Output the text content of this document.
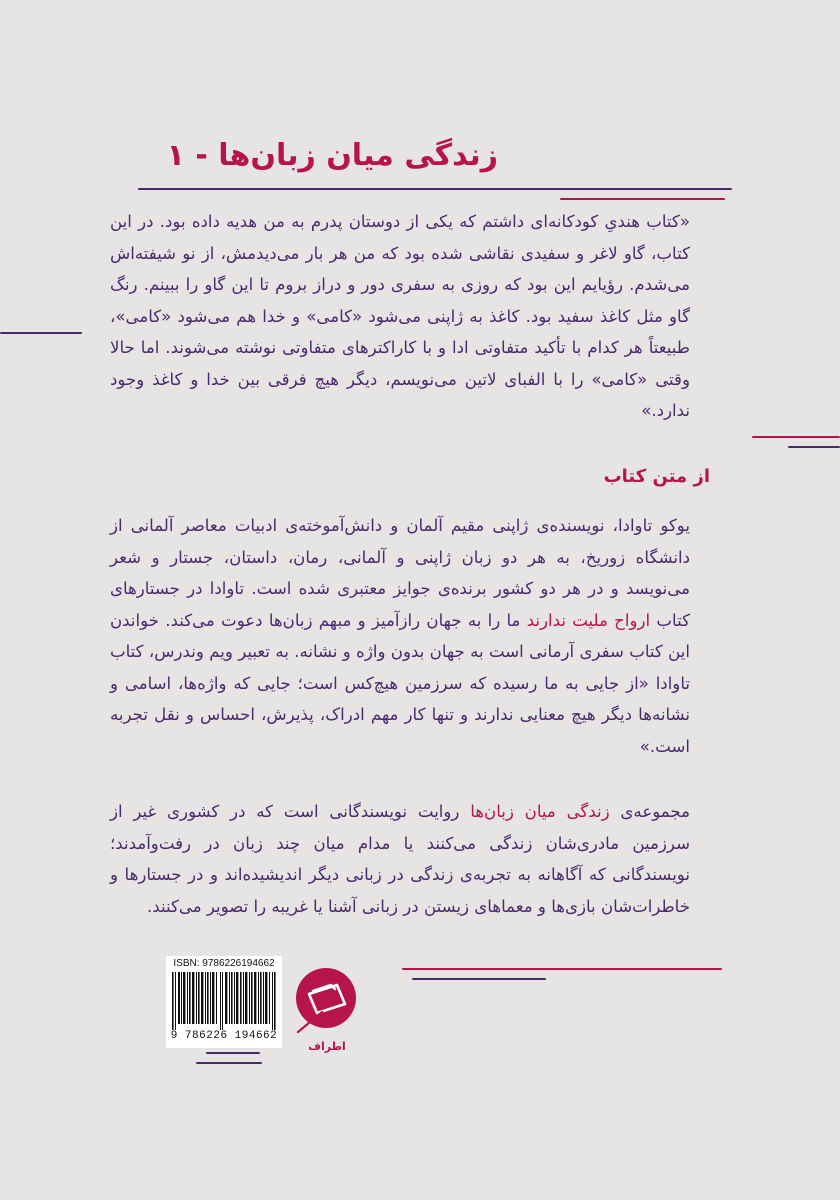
زندگی میان زبان‌ها - ۱

«کتاب هندیِ کودکانه‌ای داشتم که یکی از دوستان پدرم به من هدیه داده بود. در این کتاب، گاو لاغر و سفیدی نقاشی شده بود که من هر بار می‌دیدمش، از نو شیفته‌اش می‌شدم. رؤیایم این بود که روزی به سفری دور و دراز بروم تا این گاو را ببینم. رنگ گاو مثل کاغذ سفید بود. کاغذ به ژاپنی می‌شود «کامی» و خدا هم می‌شود «کامی»، طبیعتاً هر کدام با تأکید متفاوتی ادا و با کاراکترهای متفاوتی نوشته می‌شوند. اما حالا وقتی «کامی» را با الفبای لاتین می‌نویسم، دیگر هیچ فرقی بین خدا و کاغذ وجود ندارد.»

از متن کتاب

یوکو تاوادا، نویسنده‌ی ژاپنی مقیم آلمان و دانش‌آموخته‌ی ادبیات معاصر آلمانی از دانشگاه زوریخ، به هر دو زبان ژاپنی و آلمانی، رمان، داستان، جستار و شعر می‌نویسد و در هر دو کشور برنده‌ی جوایز معتبری شده است. تاوادا در جستارهای کتاب ارواح ملیت ندارند ما را به جهان رازآمیز و مبهم زبان‌ها دعوت می‌کند. خواندن این کتاب سفری آرمانی است به جهان بدون واژه و نشانه. به تعبیر ویم وندرس، کتاب تاوادا «از جایی به ما رسیده که سرزمین هیچ‌کس است؛ جایی که واژه‌ها، اسامی و نشانه‌ها دیگر هیچ معنایی ندارند و تنها کار مهم ادراک، پذیرش، احساس و نقل تجربه است.»

مجموعه‌ی زندگی میان زبان‌ها روایت نویسندگانی است که در کشوری غیر از سرزمین مادری‌شان زندگی می‌کنند یا مدام میان چند زبان در رفت‌وآمدند؛ نویسندگانی که آگاهانه به تجربه‌ی زندگی در زبانی دیگر اندیشیده‌اند و در جستارها و خاطرات‌شان بازی‌ها و معماهای زیستن در زبانی آشنا یا غریبه را تصویر می‌کنند.

ISBN: 9786226194662
9 786226 194662
اطراف
